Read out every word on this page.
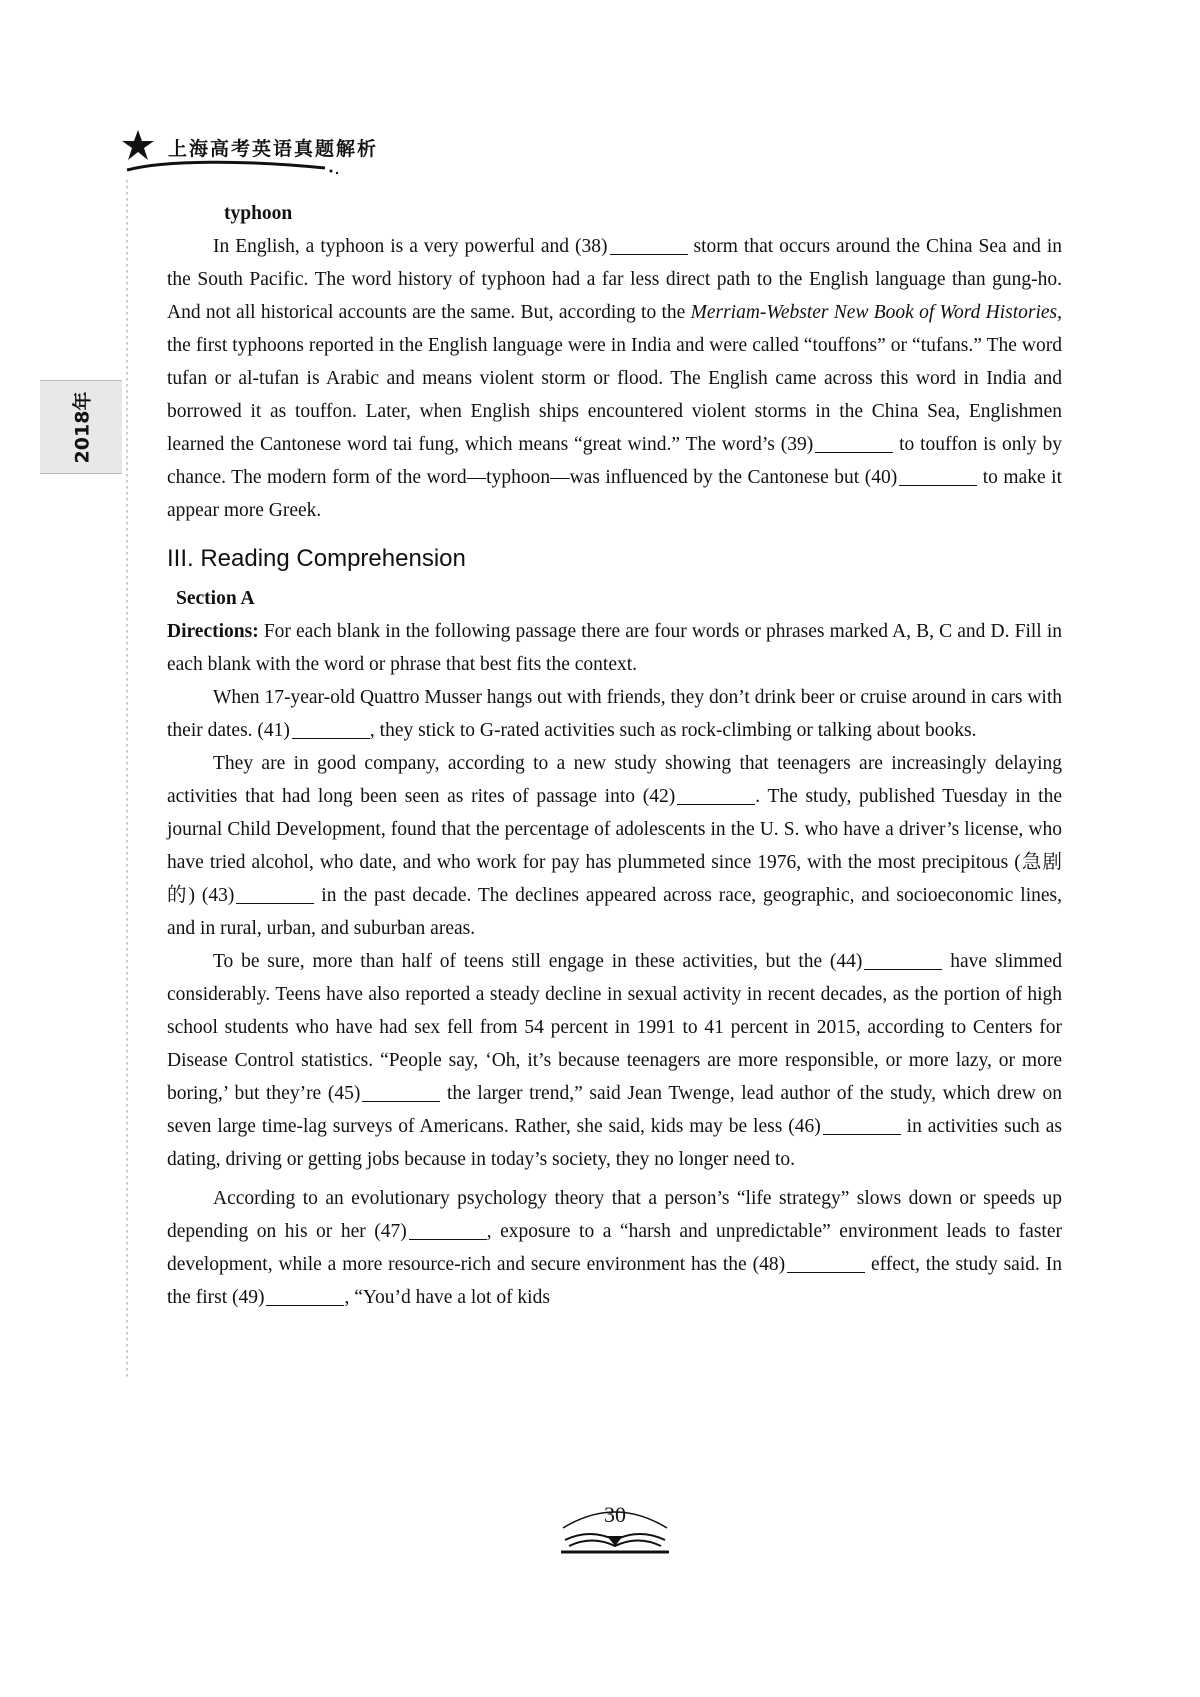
上海高考英语真题解析
2018年
typhoon

In English, a typhoon is a very powerful and (38)	storm that occurs around the China Sea and in the South Pacific. The word history of typhoon had a far less direct path to the English language than gung-ho. And not all historical accounts are the same. But, according to the Merriam-Webster New Book of Word Histories, the first typhoons reported in the English language were in India and were called “touffons” or “tufans.” The word tufan or al-tufan is Arabic and means violent storm or flood. The English came across this word in India and borrowed it as touffon. Later, when English ships encountered violent storms in the China Sea, Englishmen learned the Cantonese word tai fung, which means “great wind.” The word’s (39)	to touffon is only by chance. The modern form of the word—typhoon—was influenced by the Cantonese but (40)	to make it appear more Greek.

III. Reading Comprehension
Section A

Directions: For each blank in the following passage there are four words or phrases marked A, B, C and D. Fill in each blank with the word or phrase that best fits the context.

When 17-year-old Quattro Musser hangs out with friends, they don’t drink beer or cruise around in cars with their dates. (41)	, they stick to G-rated activities such as rock-climbing or talking about books.

They are in good company, according to a new study showing that teenagers are increasingly delaying activities that had long been seen as rites of passage into (42)	. The study, published Tuesday in the journal Child Development, found that the percentage of adolescents in the U. S. who have a driver’s license, who have tried alcohol, who date, and who work for pay has plummeted since 1976, with the most precipitous (急剧的) (43)	in the past decade. The declines appeared across race, geographic, and socioeconomic lines, and in rural, urban, and suburban areas.

To be sure, more than half of teens still engage in these activities, but the (44)	have slimmed considerably. Teens have also reported a steady decline in sexual activity in recent decades, as the portion of high school students who have had sex fell from 54 percent in 1991 to 41 percent in 2015, according to Centers for Disease Control statistics. “People say, ‘Oh, it’s because teenagers are more responsible, or more lazy, or more boring,’ but they’re (45)	the larger trend,” said Jean Twenge, lead author of the study, which drew on seven large time-lag surveys of Americans. Rather, she said, kids may be less (46)	in activities such as dating, driving or getting jobs because in today’s society, they no longer need to.

According to an evolutionary psychology theory that a person’s “life strategy” slows down or speeds up depending on his or her (47)	, exposure to a “harsh and unpredictable” environment leads to faster development, while a more resource-rich and secure environment has the (48)	effect, the study said. In the first (49)	, “You’d have a lot of kids

30
